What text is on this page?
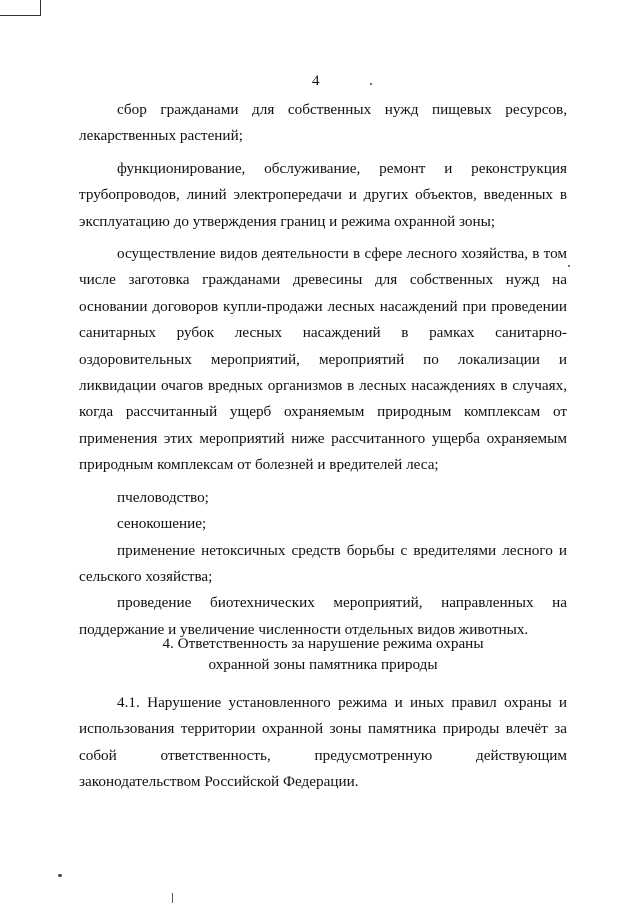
4

сбор гражданами для собственных нужд пищевых ресурсов, лекарственных растений;

функционирование, обслуживание, ремонт и реконструкция трубопроводов, линий электропередачи и других объектов, введенных в эксплуатацию до утверждения границ и режима охранной зоны;

осуществление видов деятельности в сфере лесного хозяйства, в том числе заготовка гражданами древесины для собственных нужд на основании договоров купли-продажи лесных насаждений при проведении санитарных рубок лесных насаждений в рамках санитарно-оздоровительных мероприятий, мероприятий по локализации и ликвидации очагов вредных организмов в лесных насаждениях в случаях, когда рассчитанный ущерб охраняемым природным комплексам от применения этих мероприятий ниже рассчитанного ущерба охраняемым природным комплексам от болезней и вредителей леса;

пчеловодство;

сенокошение;

применение нетоксичных средств борьбы с вредителями лесного и сельского хозяйства;

проведение биотехнических мероприятий, направленных на поддержание и увеличение численности отдельных видов животных.

4. Ответственность за нарушение режима охраны
охранной зоны памятника природы

4.1. Нарушение установленного режима и иных правил охраны и использования территории охранной зоны памятника природы влечёт за собой ответственность, предусмотренную действующим законодательством Российской Федерации.
